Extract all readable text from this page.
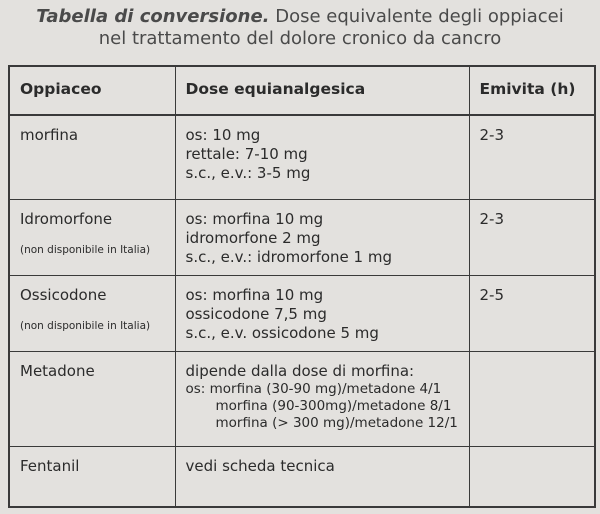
Tabella di conversione. Dose equivalente degli oppiacei
nel trattamento del dolore cronico da cancro
Oppiaceo	Dose equianalgesica	Emivita (h)

morfina	os: 10 mg
rettale: 7-10 mg
s.c., e.v.: 3-5 mg	2-3

Idromorfone
(non disponibile in Italia)	os: morfina 10 mg
idromorfone 2 mg
s.c., e.v.: idromorfone 1 mg	2-3

Ossicodone
(non disponibile in Italia)	os: morfina 10 mg
ossicodone 7,5 mg
s.c., e.v. ossicodone 5 mg	2-5

Metadone	dipende dalla dose di morfina:
os: morfina (30-90 mg)/metadone 4/1
morfina (90-300mg)/metadone 8/1
morfina (> 300 mg)/metadone 12/1	

Fentanil	vedi scheda tecnica	
